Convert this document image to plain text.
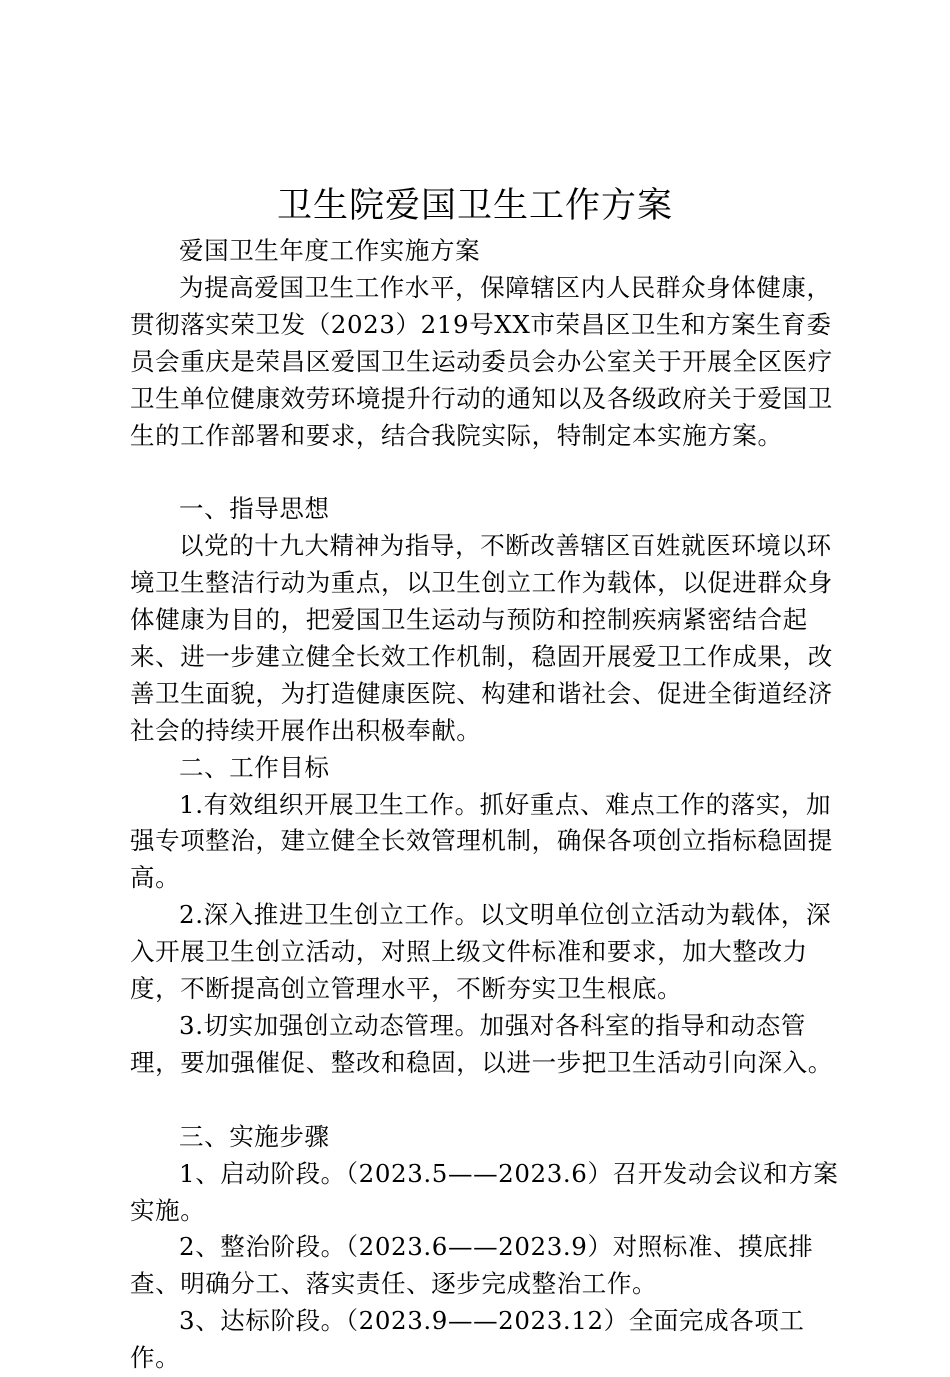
卫生院爱国卫生工作方案

爱国卫生年度工作实施方案

为提高爱国卫生工作水平，保障辖区内人民群众身体健康，贯彻落实荣卫发（2023）219号XX市荣昌区卫生和方案生育委员会重庆是荣昌区爱国卫生运动委员会办公室关于开展全区医疗卫生单位健康效劳环境提升行动的通知以及各级政府关于爱国卫生的工作部署和要求，结合我院实际，特制定本实施方案。

一、指导思想

以党的十九大精神为指导，不断改善辖区百姓就医环境以环境卫生整洁行动为重点，以卫生创立工作为载体，以促进群众身体健康为目的，把爱国卫生运动与预防和控制疾病紧密结合起来、进一步建立健全长效工作机制，稳固开展爱卫工作成果，改善卫生面貌，为打造健康医院、构建和谐社会、促进全街道经济社会的持续开展作出积极奉献。

二、工作目标

1.有效组织开展卫生工作。抓好重点、难点工作的落实，加强专项整治，建立健全长效管理机制，确保各项创立指标稳固提高。

2.深入推进卫生创立工作。以文明单位创立活动为载体，深入开展卫生创立活动，对照上级文件标准和要求，加大整改力度，不断提高创立管理水平，不断夯实卫生根底。

3.切实加强创立动态管理。加强对各科室的指导和动态管理，要加强催促、整改和稳固，以进一步把卫生活动引向深入。

三、实施步骤

1、启动阶段。（2023.5——2023.6）召开发动会议和方案实施。

2、整治阶段。（2023.6——2023.9）对照标准、摸底排查、明确分工、落实责任、逐步完成整治工作。

3、达标阶段。（2023.9——2023.12）全面完成各项工作。
